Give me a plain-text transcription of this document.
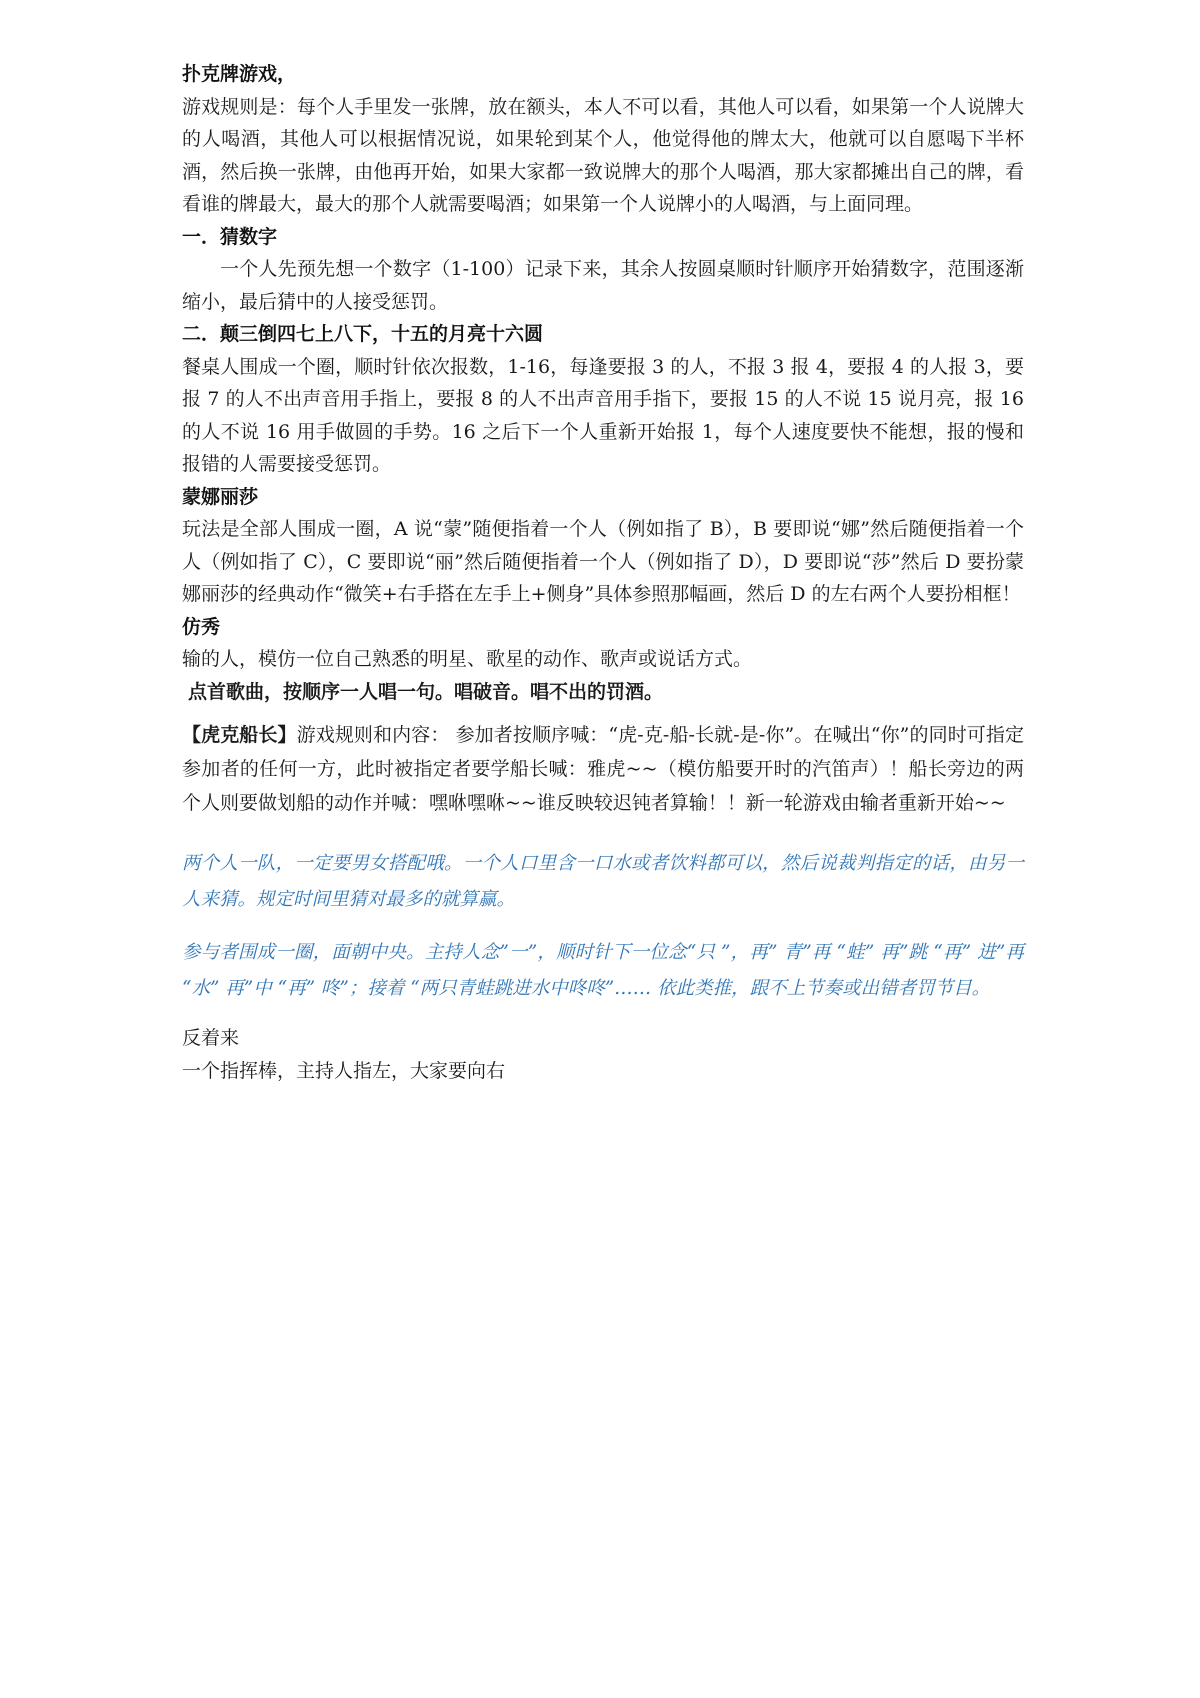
扑克牌游戏，

游戏规则是：每个人手里发一张牌，放在额头，本人不可以看，其他人可以看，如果第一个人说牌大的人喝酒，其他人可以根据情况说，如果轮到某个人，他觉得他的牌太大，他就可以自愿喝下半杯酒，然后换一张牌，由他再开始，如果大家都一致说牌大的那个人喝酒，那大家都摊出自己的牌，看看谁的牌最大，最大的那个人就需要喝酒；如果第一个人说牌小的人喝酒，与上面同理。

一．猜数字

一个人先预先想一个数字（1-100）记录下来，其余人按圆桌顺时针顺序开始猜数字，范围逐渐缩小，最后猜中的人接受惩罚。

二．颠三倒四七上八下，十五的月亮十六圆

餐桌人围成一个圈，顺时针依次报数，1-16，每逢要报 3 的人，不报 3 报 4，要报 4 的人报 3，要报 7 的人不出声音用手指上，要报 8 的人不出声音用手指下，要报 15 的人不说 15 说月亮，报 16 的人不说 16 用手做圆的手势。16 之后下一个人重新开始报 1，每个人速度要快不能想，报的慢和报错的人需要接受惩罚。

蒙娜丽莎

玩法是全部人围成一圈，A 说“蒙”随便指着一个人（例如指了 B），B 要即说“娜”然后随便指着一个人（例如指了 C），C 要即说“丽”然后随便指着一个人（例如指了 D），D 要即说“莎”然后 D 要扮蒙娜丽莎的经典动作“微笑+右手搭在左手上+侧身”具体参照那幅画，然后 D 的左右两个人要扮相框！

仿秀

输的人，模仿一位自己熟悉的明星、歌星的动作、歌声或说话方式。

点首歌曲，按顺序一人唱一句。唱破音。唱不出的罚酒。

【虎克船长】游戏规则和内容： 参加者按顺序喊：“虎-克-船-长就-是-你”。在喊出“你”的同时可指定参加者的任何一方，此时被指定者要学船长喊：雅虎~~（模仿船要开时的汽笛声）！船长旁边的两个人则要做划船的动作并喊：嘿咻嘿咻~~谁反映较迟钝者算输！！新一轮游戏由输者重新开始~~

两个人一队，一定要男女搭配哦。一个人口里含一口水或者饮料都可以，然后说裁判指定的话，由另一人来猜。规定时间里猜对最多的就算赢。

参与者围成一圈，面朝中央。主持人念”一”，顺时针下一位念“只 ”，再” 青”再 “蛙” 再”跳 “再” 进”再 “水” 再”中 “再” 咚”；接着 “两只青蛙跳进水中咚咚”…… 依此类推，跟不上节奏或出错者罚节目。

反着来

一个指挥棒，主持人指左，大家要向右
